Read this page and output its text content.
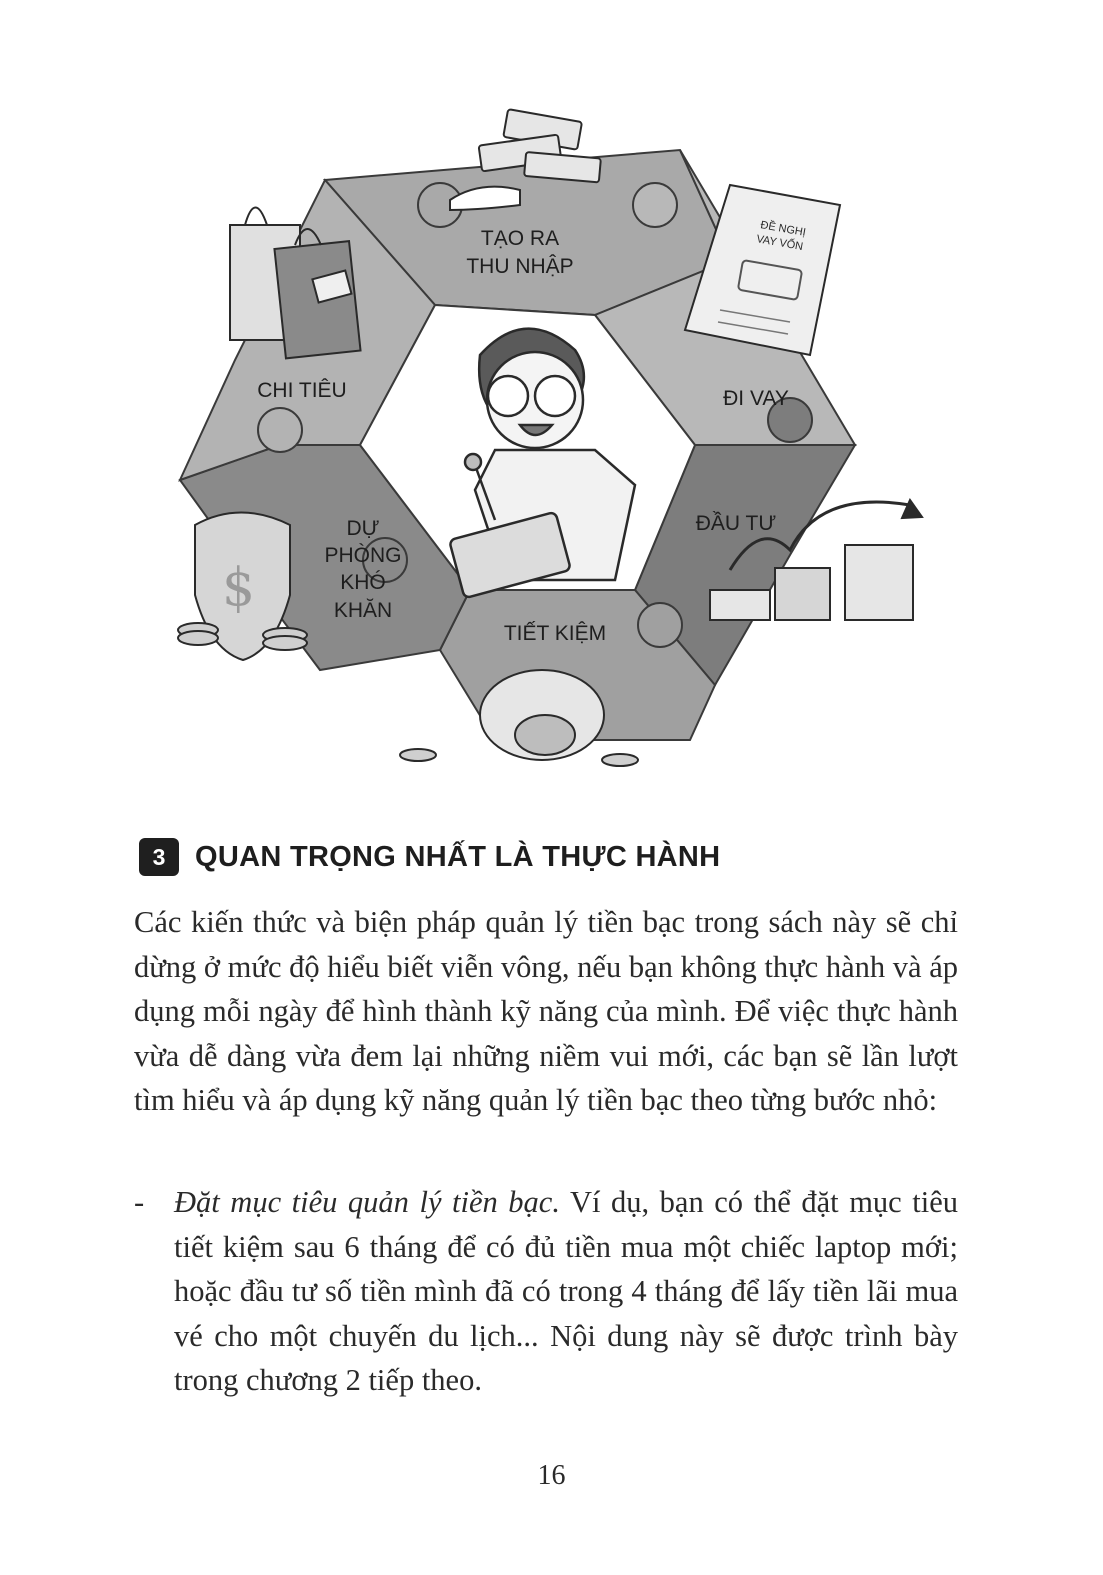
ĐỀ NGHỊ
VAY VỐN
$
TẠO RA
THU NHẬP
ĐI VAY
ĐẦU TƯ
TIẾT KIỆM
DỰ
PHÒNG
KHÓ
KHĂN
CHI TIÊU
3	QUAN TRỌNG NHẤT LÀ THỰC HÀNH

Các kiến thức và biện pháp quản lý tiền bạc trong sách này sẽ chỉ dừng ở mức độ hiểu biết viễn vông, nếu bạn không thực hành và áp dụng mỗi ngày để hình thành kỹ năng của mình. Để việc thực hành vừa dễ dàng vừa đem lại những niềm vui mới, các bạn sẽ lần lượt tìm hiểu và áp dụng kỹ năng quản lý tiền bạc theo từng bước nhỏ:

- Đặt mục tiêu quản lý tiền bạc. Ví dụ, bạn có thể đặt mục tiêu tiết kiệm sau 6 tháng để có đủ tiền mua một chiếc laptop mới; hoặc đầu tư số tiền mình đã có trong 4 tháng để lấy tiền lãi mua vé cho một chuyến du lịch... Nội dung này sẽ được trình bày trong chương 2 tiếp theo.
16
